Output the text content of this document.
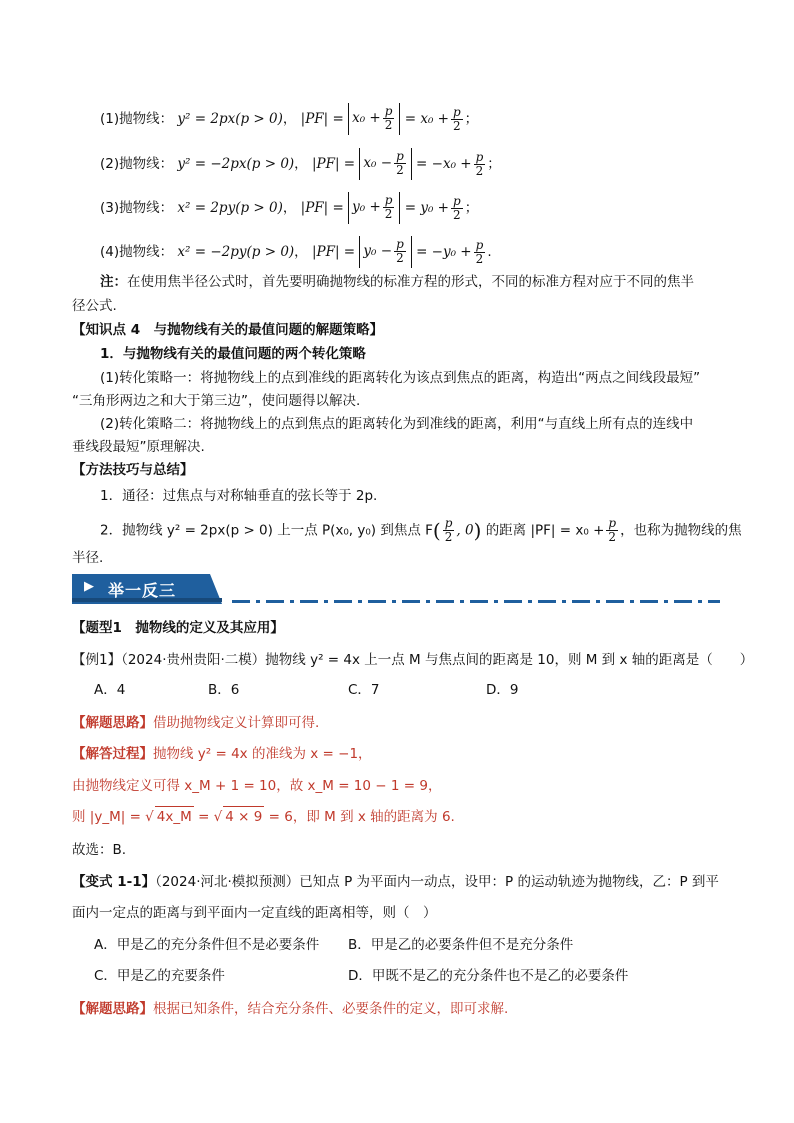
(1)抛物线： y² = 2px(p > 0)， $|PF| = x_0 + \frac{p}{2} = x_0 + \frac{p}{2}$ ；
(2)抛物线： y² = −2px(p > 0)， $|PF| = x_0 - \frac{p}{2} = -x_0 + \frac{p}{2}$ ；
(3)抛物线： x² = 2py(p > 0)， $|PF| = y_0 + \frac{p}{2} = y_0 + \frac{p}{2}$ ；
(4)抛物线： x² = −2py(p > 0)， $|PF| = y_0 - \frac{p}{2} = -y_0 + \frac{p}{2}$ .
注：在使用焦半径公式时，首先要明确抛物线的标准方程的形式，不同的标准方程对应于不同的焦半
径公式.
【知识点 4　与抛物线有关的最值问题的解题策略】
1．与抛物线有关的最值问题的两个转化策略
(1)转化策略一：将抛物线上的点到准线的距离转化为该点到焦点的距离，构造出“两点之间线段最短”
“三角形两边之和大于第三边”，使问题得以解决.
(2)转化策略二：将抛物线上的点到焦点的距离转化为到准线的距离，利用“与直线上所有点的连线中
垂线段最短”原理解决.
【方法技巧与总结】
1．通径：过焦点与对称轴垂直的弦长等于 2p.
2．抛物线 y² = 2px(p > 0) 上一点 P(x₀, y₀) 到焦点 $F( \frac{p}{2}$ , 0) 的距离 $|PF| = x_0 + \frac{p}{2}$ ，也称为抛物线的焦
半径.
▶ 举一反三
【题型1　抛物线的定义及其应用】
【例1】（2024·贵州贵阳·二模）抛物线 y² = 4x 上一点 M 与焦点间的距离是 10，则 M 到 x 轴的距离是（　　）
A．4	B．6	C．7	D．9
【解题思路】借助抛物线定义计算即可得.
【解答过程】抛物线 y² = 4x 的准线为 x = −1，
由抛物线定义可得 x_M + 1 = 10，故 x_M = 10 − 1 = 9，
则 |y_M| = √ 4x_M = √ 4 × 9 = 6，即 M 到 x 轴的距离为 6.
故选：B.
【变式 1-1】（2024·河北·模拟预测）已知点 P 为平面内一动点，设甲：P 的运动轨迹为抛物线，乙：P 到平
面内一定点的距离与到平面内一定直线的距离相等，则（　）
A．甲是乙的充分条件但不是必要条件 B．甲是乙的必要条件但不是充分条件
C．甲是乙的充要条件	D．甲既不是乙的充分条件也不是乙的必要条件
【解题思路】根据已知条件，结合充分条件、必要条件的定义，即可求解.
